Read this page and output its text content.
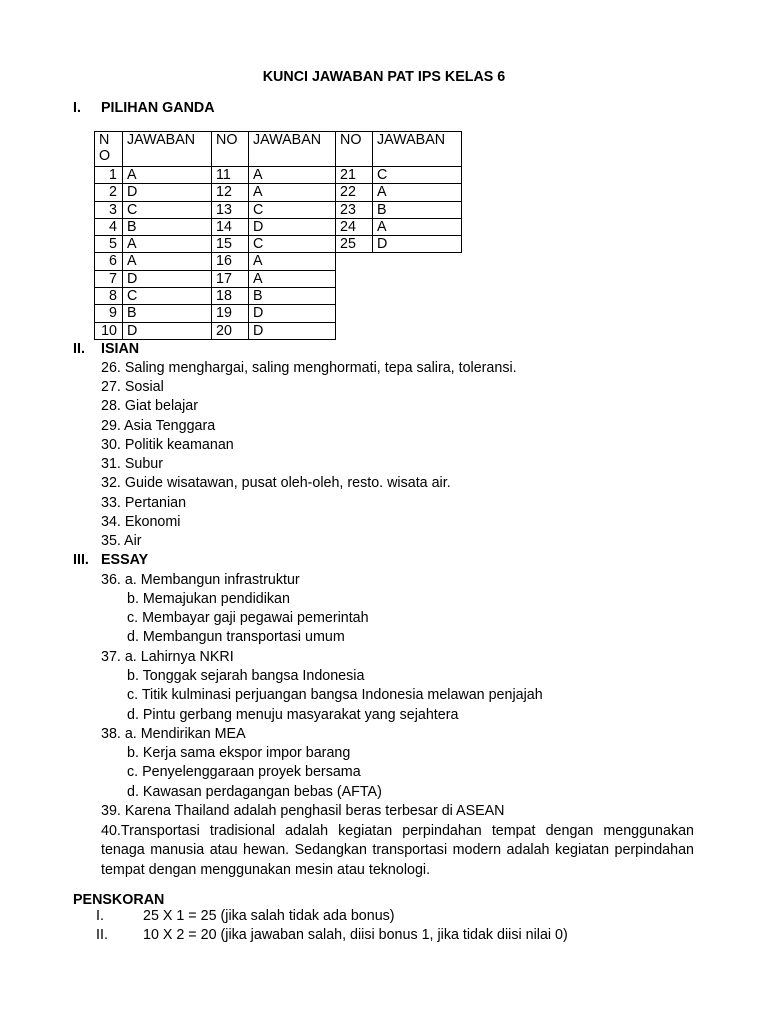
KUNCI JAWABAN PAT IPS KELAS 6
I. PILIHAN GANDA
N
O	JAWABAN	NO	JAWABAN	NO	JAWABAN
1	A	11	A	21	C
2	D	12	A	22	A
3	C	13	C	23	B
4	B	14	D	24	A
5	A	15	C	25	D
6	A	16	A		
7	D	17	A		
8	C	18	B		
9	B	19	D		
10	D	20	D		
II. ISIAN
26. Saling menghargai, saling menghormati, tepa salira, toleransi.
27. Sosial
28. Giat belajar
29. Asia Tenggara
30. Politik keamanan
31. Subur
32. Guide wisatawan, pusat oleh-oleh, resto. wisata air.
33. Pertanian
34. Ekonomi
35. Air
III. ESSAY
36. a. Membangun infrastruktur
b. Memajukan pendidikan
c. Membayar gaji pegawai pemerintah
d. Membangun transportasi umum
37. a. Lahirnya NKRI
b. Tonggak sejarah bangsa Indonesia
c. Titik kulminasi perjuangan bangsa Indonesia melawan penjajah
d. Pintu gerbang menuju masyarakat yang sejahtera
38. a. Mendirikan MEA
b. Kerja sama ekspor impor barang
c. Penyelenggaraan proyek bersama
d. Kawasan perdagangan bebas (AFTA)
39. Karena Thailand adalah penghasil beras terbesar di ASEAN
40.Transportasi tradisional adalah kegiatan perpindahan tempat dengan menggunakan tenaga manusia atau hewan. Sedangkan transportasi modern adalah kegiatan perpindahan tempat dengan menggunakan mesin atau teknologi.
PENSKORAN
I.	25 X 1 = 25 (jika salah tidak ada bonus)
II. 10 X 2 = 20 (jika jawaban salah, diisi bonus 1, jika tidak diisi nilai 0)
